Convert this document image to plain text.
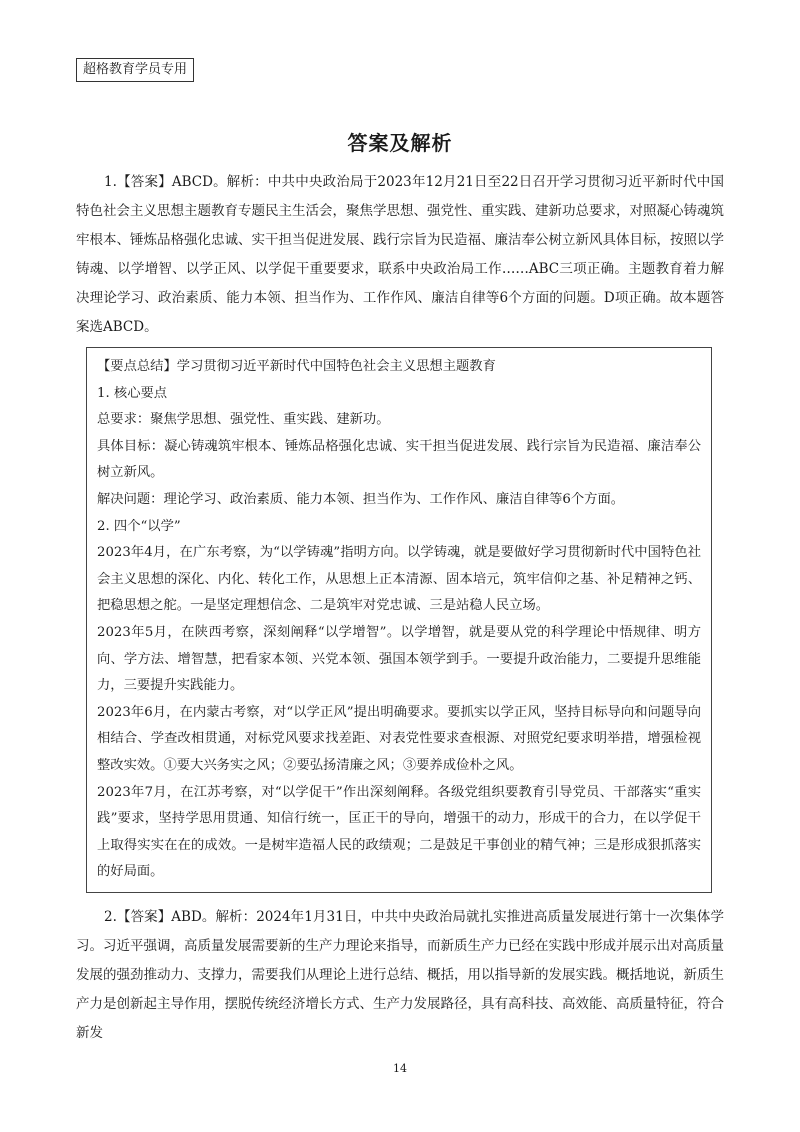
超格教育学员专用
答案及解析

1.【答案】ABCD。解析：中共中央政治局于2023年12月21日至22日召开学习贯彻习近平新时代中国特色社会主义思想主题教育专题民主生活会，聚焦学思想、强党性、重实践、建新功总要求，对照凝心铸魂筑牢根本、锤炼品格强化忠诚、实干担当促进发展、践行宗旨为民造福、廉洁奉公树立新风具体目标，按照以学铸魂、以学增智、以学正风、以学促干重要要求，联系中央政治局工作……ABC三项正确。主题教育着力解决理论学习、政治素质、能力本领、担当作为、工作作风、廉洁自律等6个方面的问题。D项正确。故本题答案选ABCD。

【要点总结】学习贯彻习近平新时代中国特色社会主义思想主题教育

1. 核心要点

总要求：聚焦学思想、强党性、重实践、建新功。

具体目标：凝心铸魂筑牢根本、锤炼品格强化忠诚、实干担当促进发展、践行宗旨为民造福、廉洁奉公树立新风。

解决问题：理论学习、政治素质、能力本领、担当作为、工作作风、廉洁自律等6个方面。

2. 四个“以学”

2023年4月，在广东考察，为“以学铸魂”指明方向。以学铸魂，就是要做好学习贯彻新时代中国特色社会主义思想的深化、内化、转化工作，从思想上正本清源、固本培元，筑牢信仰之基、补足精神之钙、把稳思想之舵。一是坚定理想信念、二是筑牢对党忠诚、三是站稳人民立场。

2023年5月，在陕西考察，深刻阐释“以学增智”。以学增智，就是要从党的科学理论中悟规律、明方向、学方法、增智慧，把看家本领、兴党本领、强国本领学到手。一要提升政治能力，二要提升思维能力，三要提升实践能力。

2023年6月，在内蒙古考察，对“以学正风”提出明确要求。要抓实以学正风，坚持目标导向和问题导向相结合、学查改相贯通，对标党风要求找差距、对表党性要求查根源、对照党纪要求明举措，增强检视整改实效。①要大兴务实之风；②要弘扬清廉之风；③要养成俭朴之风。

2023年7月，在江苏考察，对“以学促干”作出深刻阐释。各级党组织要教育引导党员、干部落实“重实践”要求，坚持学思用贯通、知信行统一，匡正干的导向，增强干的动力，形成干的合力，在以学促干上取得实实在在的成效。一是树牢造福人民的政绩观；二是鼓足干事创业的精气神；三是形成狠抓落实的好局面。

2.【答案】ABD。解析：2024年1月31日，中共中央政治局就扎实推进高质量发展进行第十一次集体学习。习近平强调，高质量发展需要新的生产力理论来指导，而新质生产力已经在实践中形成并展示出对高质量发展的强劲推动力、支撑力，需要我们从理论上进行总结、概括，用以指导新的发展实践。概括地说，新质生产力是创新起主导作用，摆脱传统经济增长方式、生产力发展路径，具有高科技、高效能、高质量特征，符合新发

14
